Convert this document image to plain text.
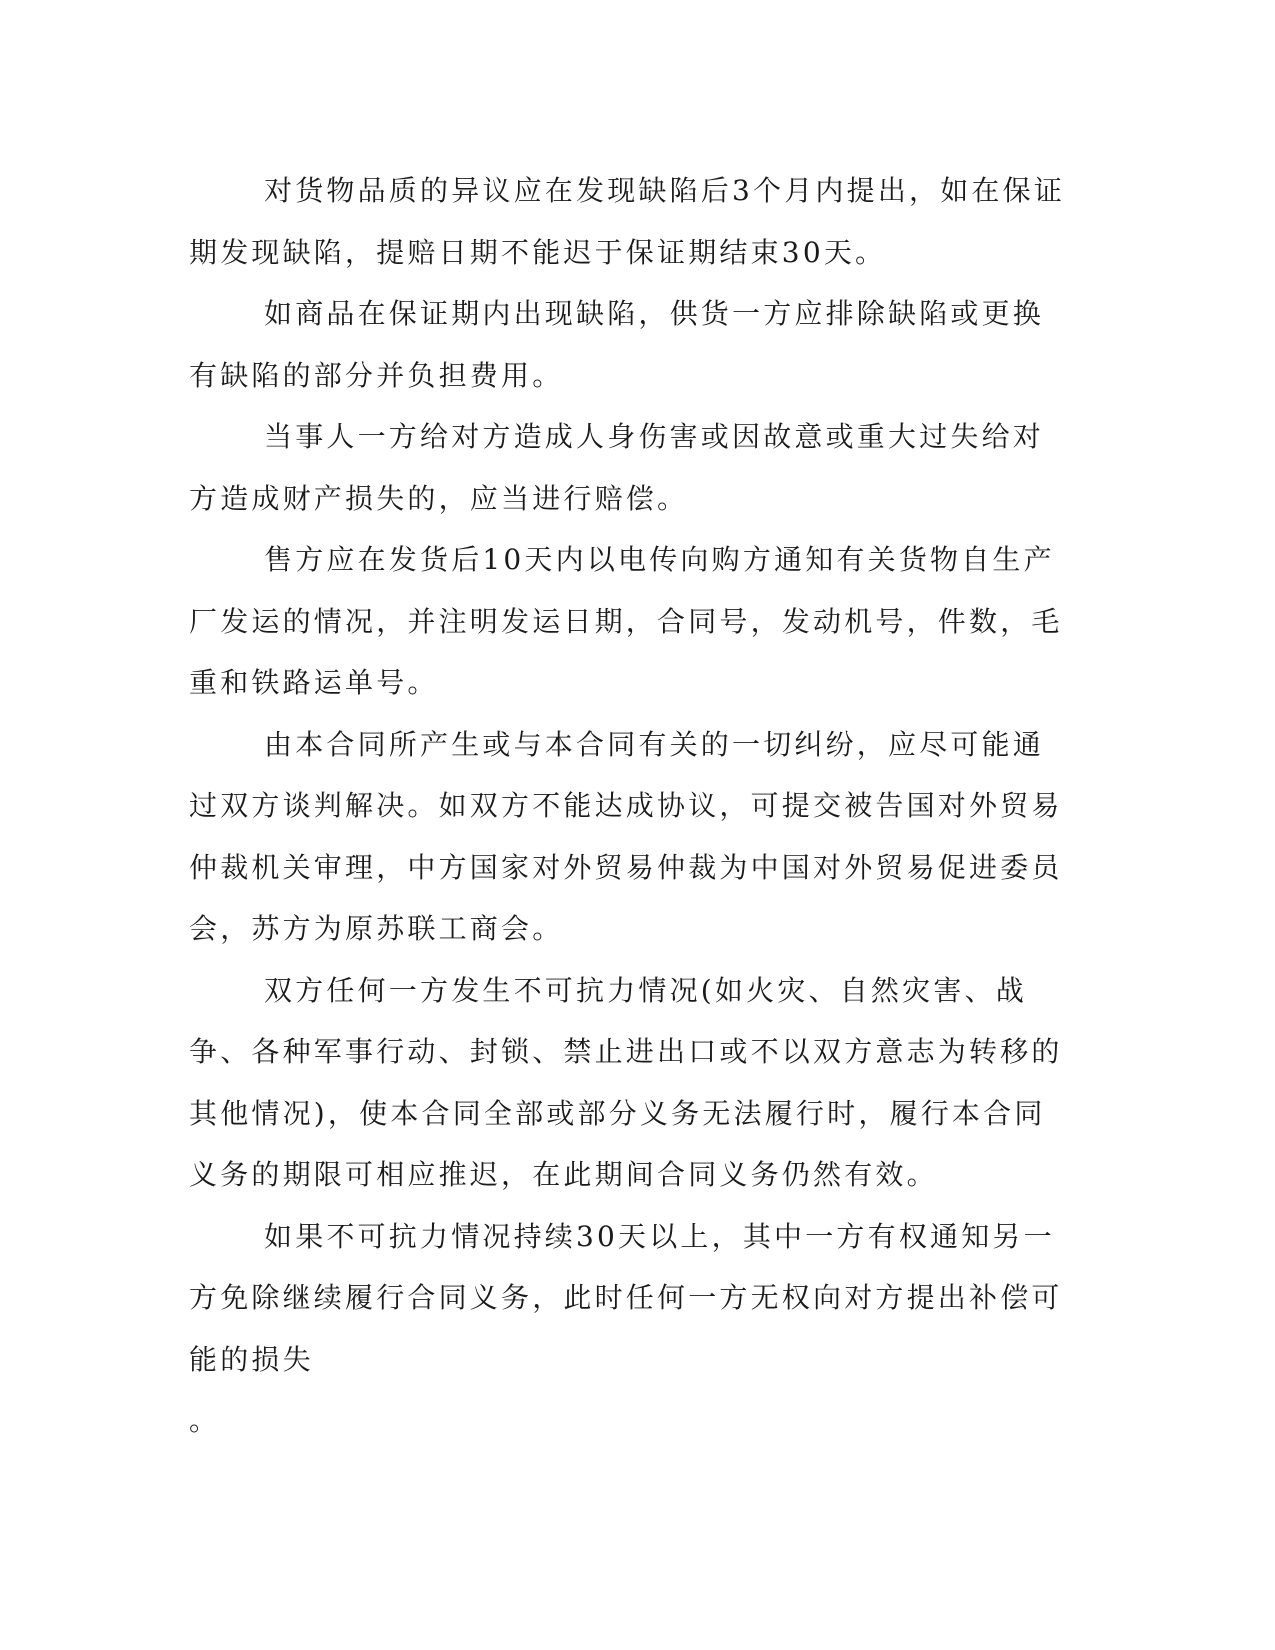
对货物品质的异议应在发现缺陷后3个月内提出，如在保证期发现缺陷，提赔日期不能迟于保证期结束30天。

如商品在保证期内出现缺陷，供货一方应排除缺陷或更换有缺陷的部分并负担费用。

当事人一方给对方造成人身伤害或因故意或重大过失给对方造成财产损失的，应当进行赔偿。

售方应在发货后10天内以电传向购方通知有关货物自生产厂发运的情况，并注明发运日期，合同号，发动机号，件数，毛重和铁路运单号。

由本合同所产生或与本合同有关的一切纠纷，应尽可能通过双方谈判解决。如双方不能达成协议，可提交被告国对外贸易仲裁机关审理，中方国家对外贸易仲裁为中国对外贸易促进委员会，苏方为原苏联工商会。

双方任何一方发生不可抗力情况(如火灾、自然灾害、战争、各种军事行动、封锁、禁止进出口或不以双方意志为转移的其他情况)，使本合同全部或部分义务无法履行时，履行本合同义务的期限可相应推迟，在此期间合同义务仍然有效。

如果不可抗力情况持续30天以上，其中一方有权通知另一方免除继续履行合同义务，此时任何一方无权向对方提出补偿可能的损失

。
